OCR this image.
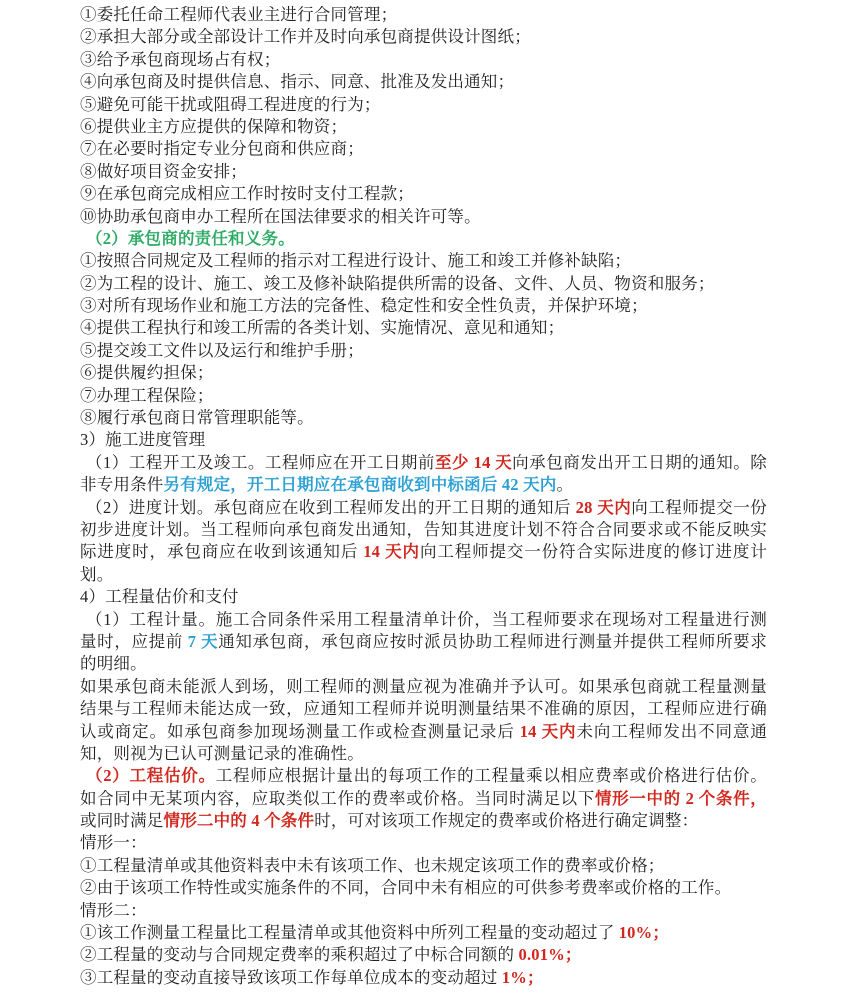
①委托任命工程师代表业主进行合同管理；
②承担大部分或全部设计工作并及时向承包商提供设计图纸；
③给予承包商现场占有权；
④向承包商及时提供信息、指示、同意、批准及发出通知；
⑤避免可能干扰或阻碍工程进度的行为；
⑥提供业主方应提供的保障和物资；
⑦在必要时指定专业分包商和供应商；
⑧做好项目资金安排；
⑨在承包商完成相应工作时按时支付工程款；
⑩协助承包商申办工程所在国法律要求的相关许可等。
（2）承包商的责任和义务。
①按照合同规定及工程师的指示对工程进行设计、施工和竣工并修补缺陷；
②为工程的设计、施工、竣工及修补缺陷提供所需的设备、文件、人员、物资和服务；
③对所有现场作业和施工方法的完备性、稳定性和安全性负责，并保护环境；
④提供工程执行和竣工所需的各类计划、实施情况、意见和通知；
⑤提交竣工文件以及运行和维护手册；
⑥提供履约担保；
⑦办理工程保险；
⑧履行承包商日常管理职能等。
3）施工进度管理
（1）工程开工及竣工。工程师应在开工日期前至少 14 天向承包商发出开工日期的通知。除
非专用条件另有规定，开工日期应在承包商收到中标函后 42 天内。
（2）进度计划。承包商应在收到工程师发出的开工日期的通知后 28 天内向工程师提交一份
初步进度计划。当工程师向承包商发出通知，告知其进度计划不符合合同要求或不能反映实
际进度时，承包商应在收到该通知后 14 天内向工程师提交一份符合实际进度的修订进度计
划。
4）工程量估价和支付
（1）工程计量。施工合同条件采用工程量清单计价，当工程师要求在现场对工程量进行测
量时，应提前 7 天通知承包商，承包商应按时派员协助工程师进行测量并提供工程师所要求
的明细。
如果承包商未能派人到场，则工程师的测量应视为准确并予认可。如果承包商就工程量测量
结果与工程师未能达成一致，应通知工程师并说明测量结果不准确的原因，工程师应进行确
认或商定。如承包商参加现场测量工作或检查测量记录后 14 天内未向工程师发出不同意通
知，则视为已认可测量记录的准确性。
（2）工程估价。工程师应根据计量出的每项工作的工程量乘以相应费率或价格进行估价。
如合同中无某项内容，应取类似工作的费率或价格。当同时满足以下情形一中的 2 个条件，
或同时满足情形二中的 4 个条件时，可对该项工作规定的费率或价格进行确定调整：
情形一：
①工程量清单或其他资料表中未有该项工作、也未规定该项工作的费率或价格；
②由于该项工作特性或实施条件的不同，合同中未有相应的可供参考费率或价格的工作。
情形二：
①该工作测量工程量比工程量清单或其他资料中所列工程量的变动超过了 10%；
②工程量的变动与合同规定费率的乘积超过了中标合同额的 0.01%；
③工程量的变动直接导致该项工作每单位成本的变动超过 1%；
